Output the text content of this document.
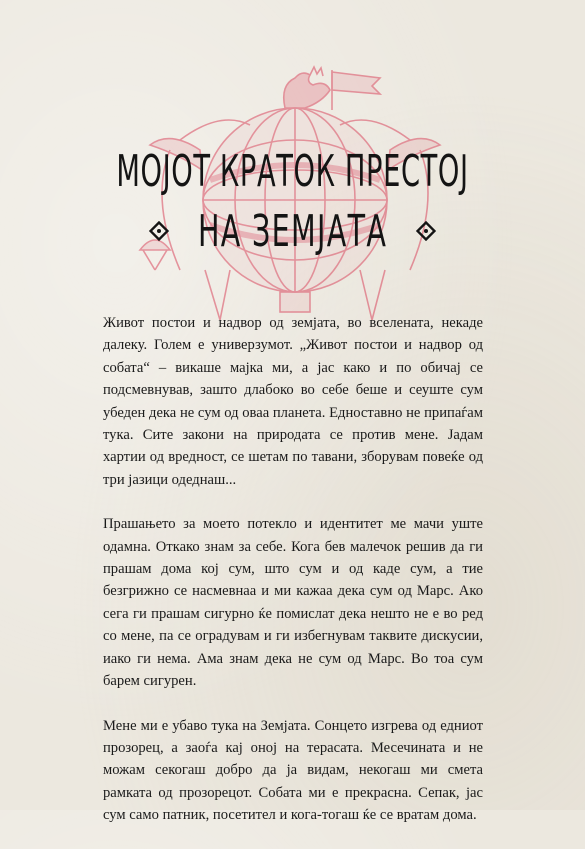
МОЈОТ КРАТОК ПРЕСТОЈ
НА ЗЕМЈАТА

Живот постои и надвор од земјата, во вселената, некаде далеку. Голем е универзумот. „Живот постои и надвор од собата“ – викаше мајка ми, а јас како и по обичај се подсмевнував, зашто длабоко во себе беше и сеуште сум убеден дека не сум од оваа планета. Едноставно не припаѓам тука. Сите закони на природата се против мене. Јадам хартии од вредност, се шетам по тавани, зборувам повеќе од три јазици одеднаш...

Прашањето за моето потекло и идентитет ме мачи уште одамна. Откако знам за себе. Кога бев малечок решив да ги прашам дома кој сум, што сум и од каде сум, а тие безгрижно се насмевнаа и ми кажаа дека сум од Марс. Ако сега ги прашам сигурно ќе помислат дека нешто не е во ред со мене, па се оградувам и ги избегнувам таквите дискусии, иако ги нема. Ама знам дека не сум од Марс. Во тоа сум барем сигурен.

Мене ми е убаво тука на Земјата. Сонцето изгрева од едниот прозорец, а заоѓа кај оној на терасата. Месечината и не можам секогаш добро да ја видам, некогаш ми смета рамката од прозорецот. Собата ми е прекрасна. Сепак, јас сум само патник, посетител и кога-тогаш ќе се вратам дома.
